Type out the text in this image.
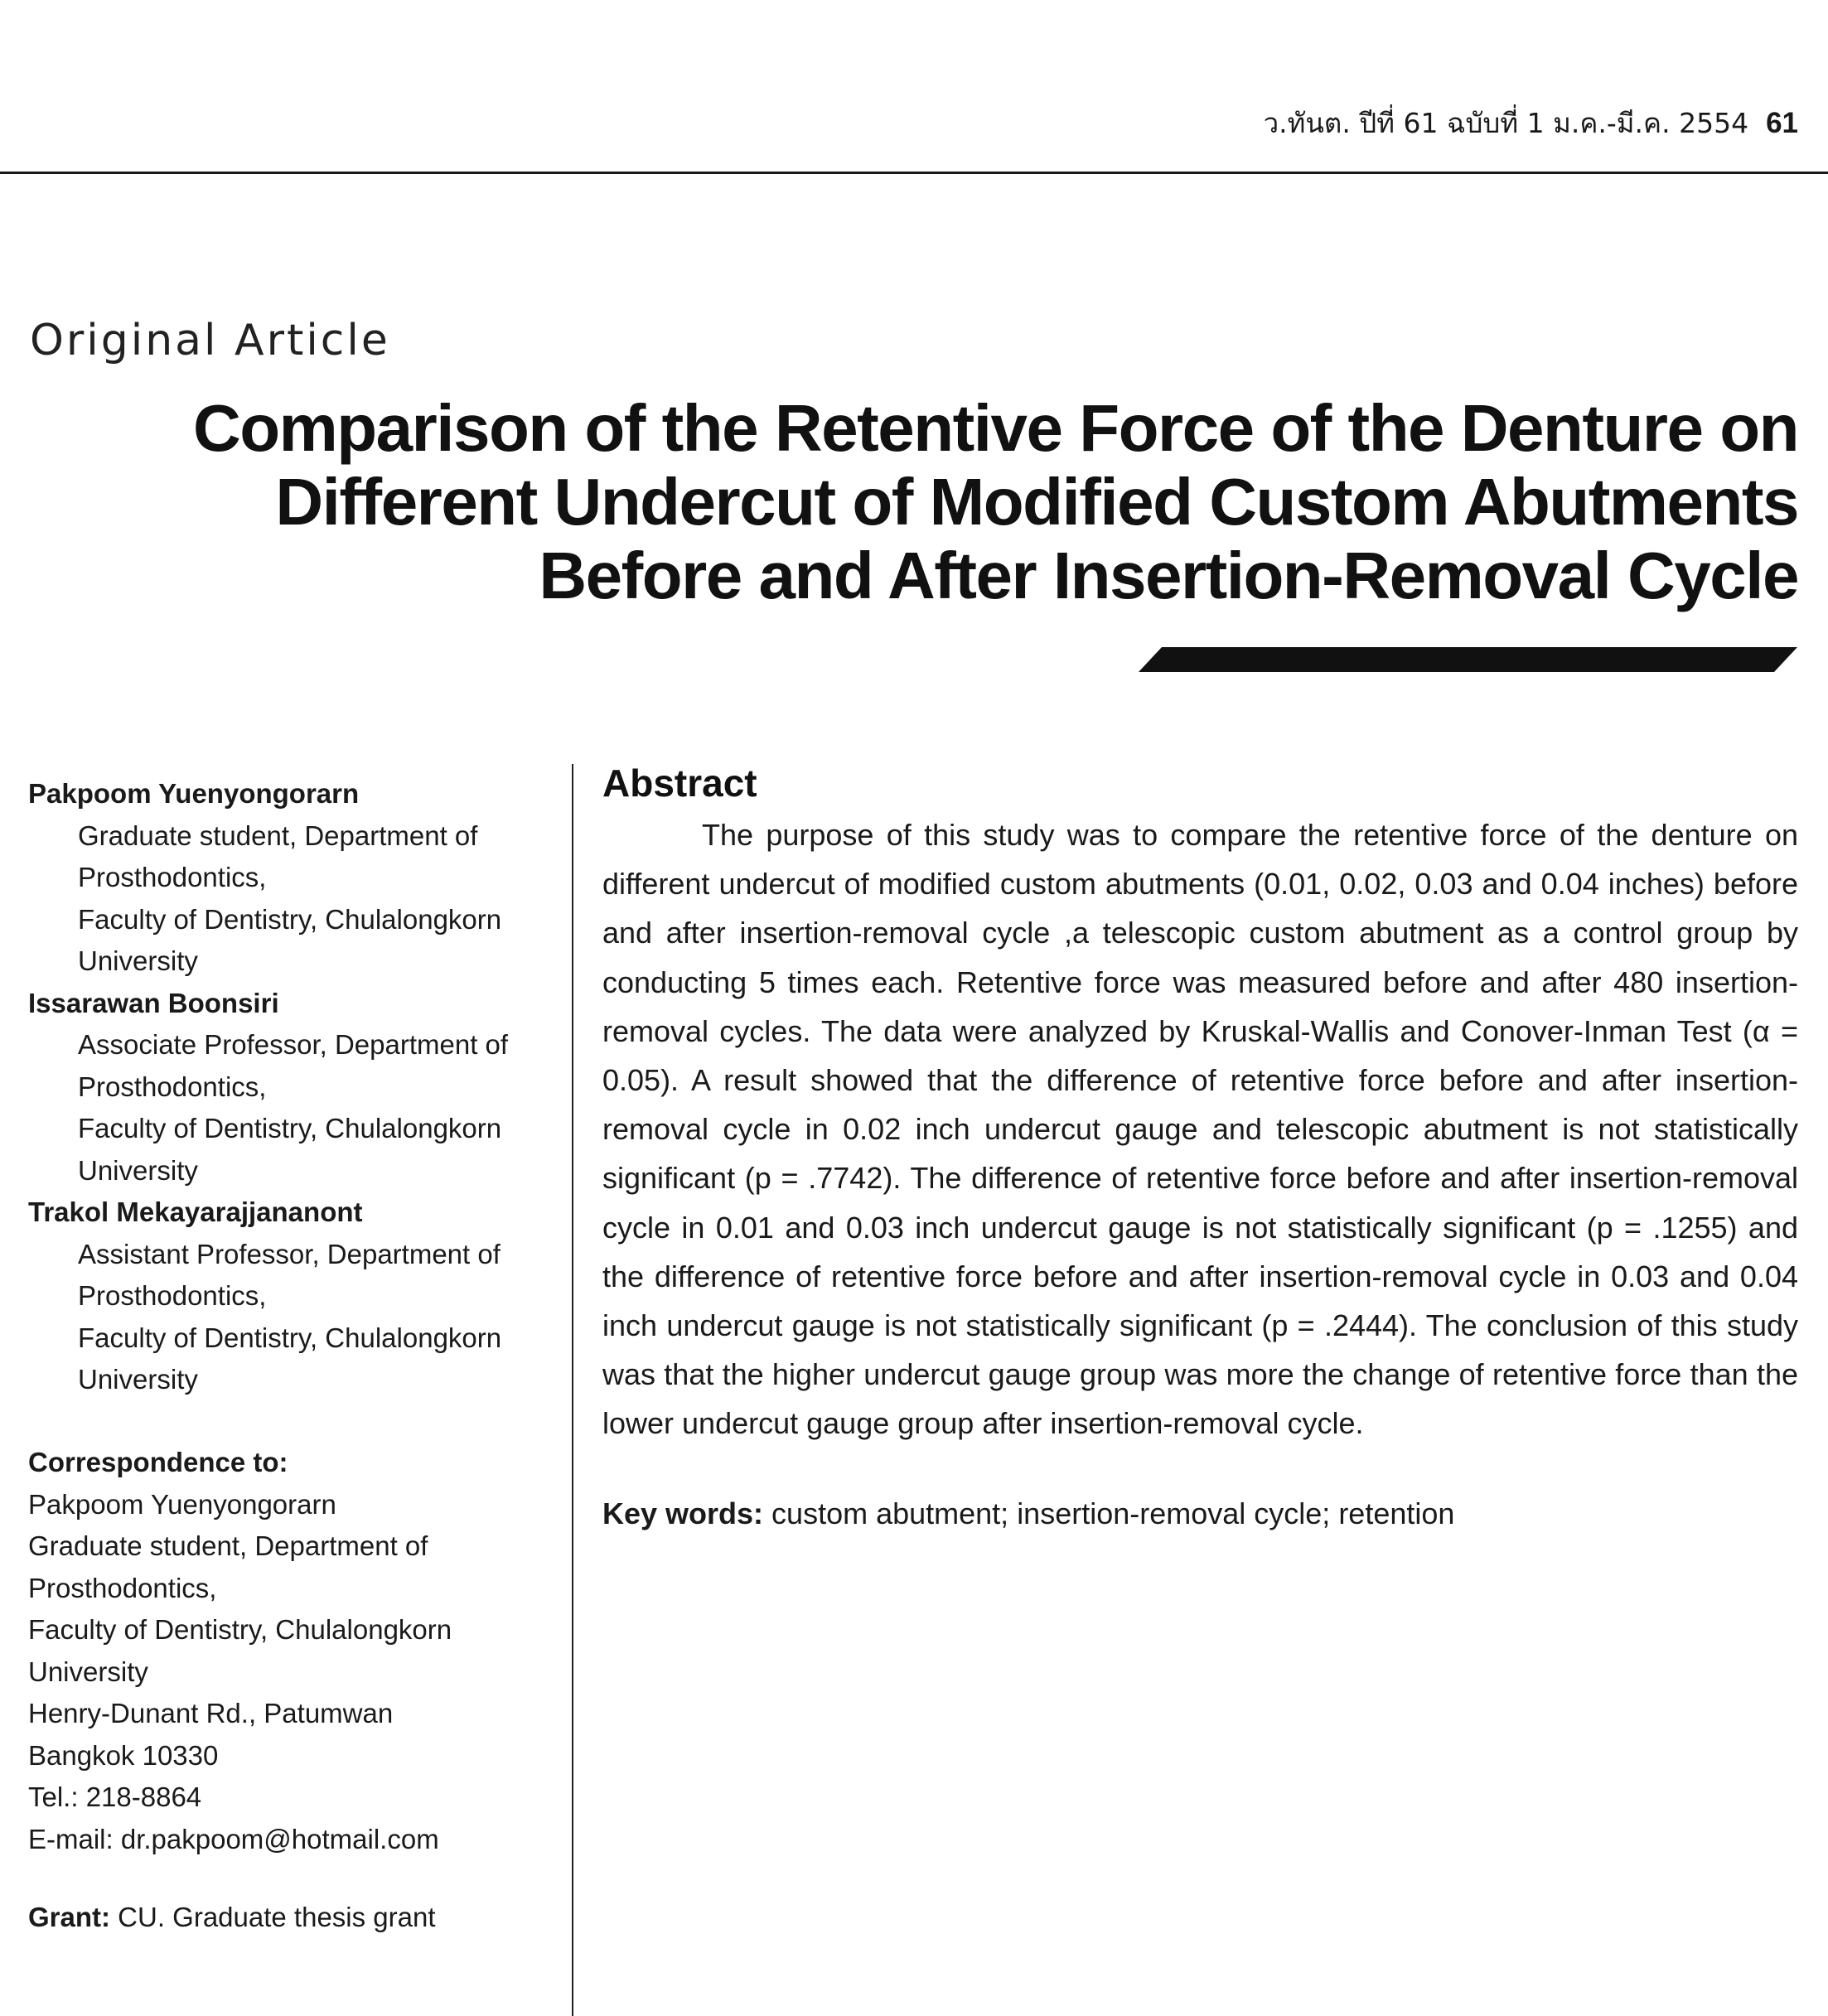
ว.ทันต. ปีที่ 61 ฉบับที่ 1 ม.ค.-มี.ค. 2554 61
Original Article
Comparison of the Retentive Force of the Denture on Different Undercut of Modified Custom Abutments Before and After Insertion-Removal Cycle
Pakpoom Yuenyongorarn
Graduate student, Department of
Prosthodontics,
Faculty of Dentistry, Chulalongkorn
University
Issarawan Boonsiri
Associate Professor, Department of
Prosthodontics,
Faculty of Dentistry, Chulalongkorn
University
Trakol Mekayarajjananont
Assistant Professor, Department of
Prosthodontics,
Faculty of Dentistry, Chulalongkorn
University
Correspondence to:
Pakpoom Yuenyongorarn
Graduate student, Department of
Prosthodontics,
Faculty of Dentistry, Chulalongkorn
University
Henry-Dunant Rd., Patumwan
Bangkok 10330
Tel.: 218-8864
E-mail: dr.pakpoom@hotmail.com
Grant: CU. Graduate thesis grant
Abstract
The purpose of this study was to compare the retentive force of the denture on different undercut of modified custom abutments (0.01, 0.02, 0.03 and 0.04 inches) before and after insertion-removal cycle ,a telescopic custom abutment as a control group by conducting 5 times each. Retentive force was measured before and after 480 insertion-removal cycles. The data were analyzed by Kruskal-Wallis and Conover-Inman Test (α = 0.05). A result showed that the difference of retentive force before and after insertion-removal cycle in 0.02 inch undercut gauge and telescopic abutment is not statistically significant (p = .7742). The difference of retentive force before and after insertion-removal cycle in 0.01 and 0.03 inch undercut gauge is not statistically significant (p = .1255) and the difference of retentive force before and after insertion-removal cycle in 0.03 and 0.04 inch undercut gauge is not statistically significant (p = .2444). The conclusion of this study was that the higher undercut gauge group was more the change of retentive force than the lower undercut gauge group after insertion-removal cycle.
Key words: custom abutment; insertion-removal cycle; retention
